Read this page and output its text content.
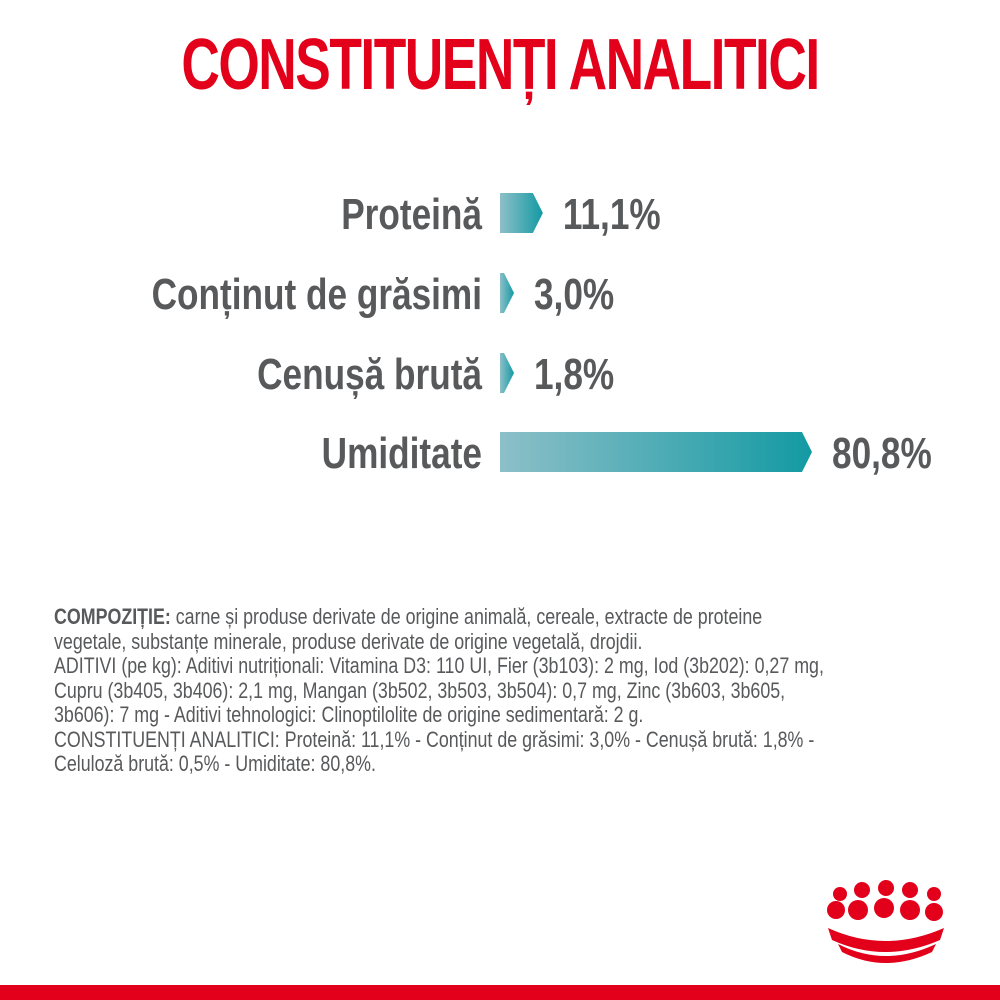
CONSTITUENȚI ANALITICI
Proteină 11,1%
Conținut de grăsimi 3,0%
Cenușă brută 1,8%
Umiditate	80,8%

COMPOZIȚIE: carne și produse derivate de origine animală, cereale, extracte de proteine vegetale, substanțe minerale, produse derivate de origine vegetală, drojdii.

ADITIVI (pe kg): Aditivi nutriționali: Vitamina D3: 110 UI, Fier (3b103): 2 mg, Iod (3b202): 0,27 mg, Cupru (3b405, 3b406): 2,1 mg, Mangan (3b502, 3b503, 3b504): 0,7 mg, Zinc (3b603, 3b605, 3b606): 7 mg - Aditivi tehnologici: Clinoptilolite de origine sedimentară: 2 g.

CONSTITUENȚI ANALITICI: Proteină: 11,1% - Conținut de grăsimi: 3,0% - Cenușă brută: 1,8% - Celuloză brută: 0,5% - Umiditate: 80,8%.
